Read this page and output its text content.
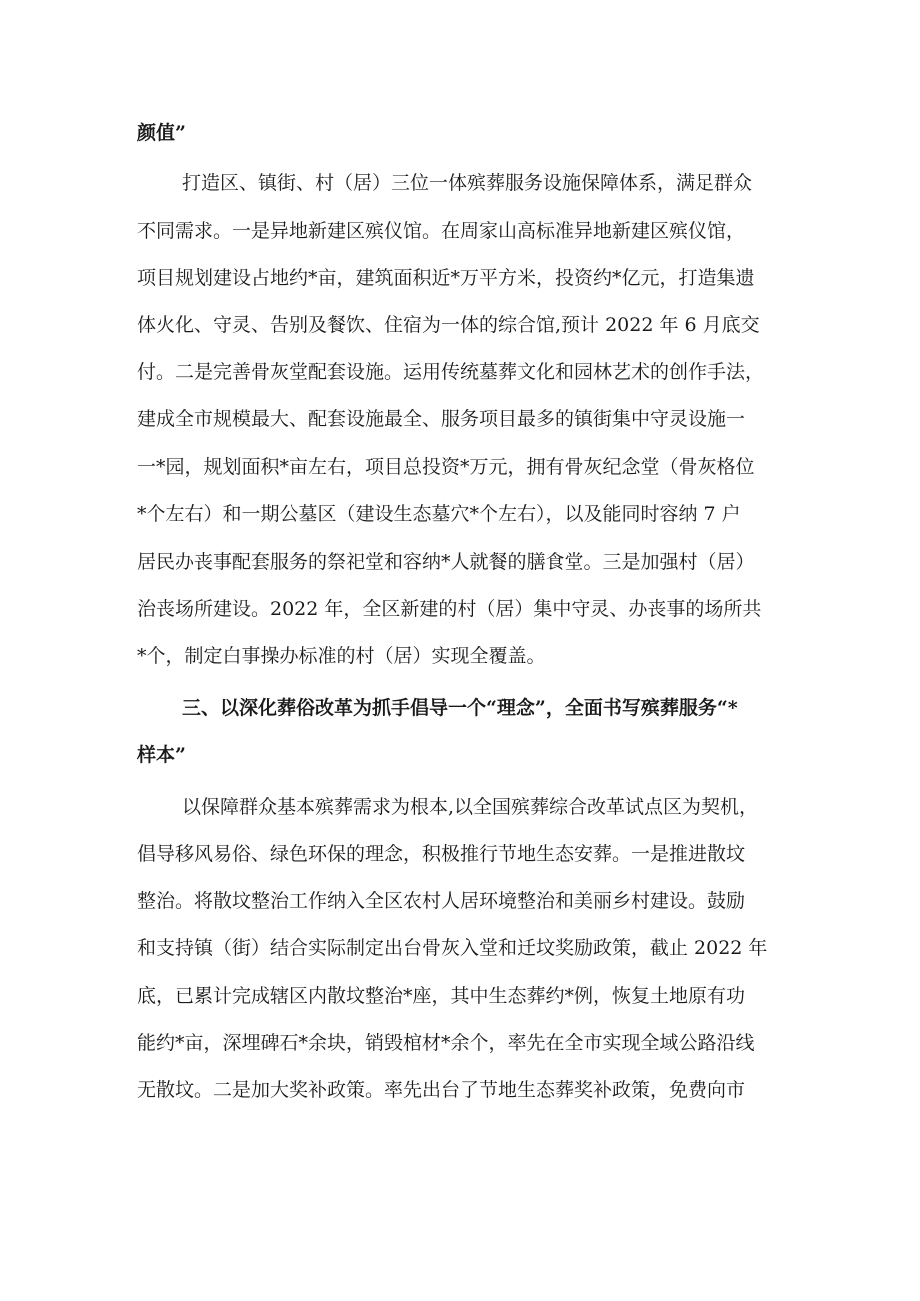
颜值”
打造区、镇街、村（居）三位一体殡葬服务设施保障体系，满足群众
不同需求。一是异地新建区殡仪馆。在周家山高标准异地新建区殡仪馆，
项目规划建设占地约*亩，建筑面积近*万平方米，投资约*亿元，打造集遗
体火化、守灵、告别及餐饮、住宿为一体的综合馆,预计 2022 年 6 月底交
付。二是完善骨灰堂配套设施。运用传统墓葬文化和园林艺术的创作手法，
建成全市规模最大、配套设施最全、服务项目最多的镇街集中守灵设施一
一*园，规划面积*亩左右，项目总投资*万元，拥有骨灰纪念堂（骨灰格位
*个左右）和一期公墓区（建设生态墓穴*个左右），以及能同时容纳 7 户
居民办丧事配套服务的祭祀堂和容纳*人就餐的膳食堂。三是加强村（居）
治丧场所建设。2022 年，全区新建的村（居）集中守灵、办丧事的场所共
*个，制定白事操办标准的村（居）实现全覆盖。
三、以深化葬俗改革为抓手倡导一个“理念”，全面书写殡葬服务“*
样本”
以保障群众基本殡葬需求为根本,以全国殡葬综合改革试点区为契机，
倡导移风易俗、绿色环保的理念，积极推行节地生态安葬。一是推进散坟
整治。将散坟整治工作纳入全区农村人居环境整治和美丽乡村建设。鼓励
和支持镇（街）结合实际制定出台骨灰入堂和迁坟奖励政策，截止 2022 年
底，已累计完成辖区内散坟整治*座，其中生态葬约*例，恢复土地原有功
能约*亩，深埋碑石*余块，销毁棺材*余个，率先在全市实现全域公路沿线
无散坟。二是加大奖补政策。率先出台了节地生态葬奖补政策，免费向市
